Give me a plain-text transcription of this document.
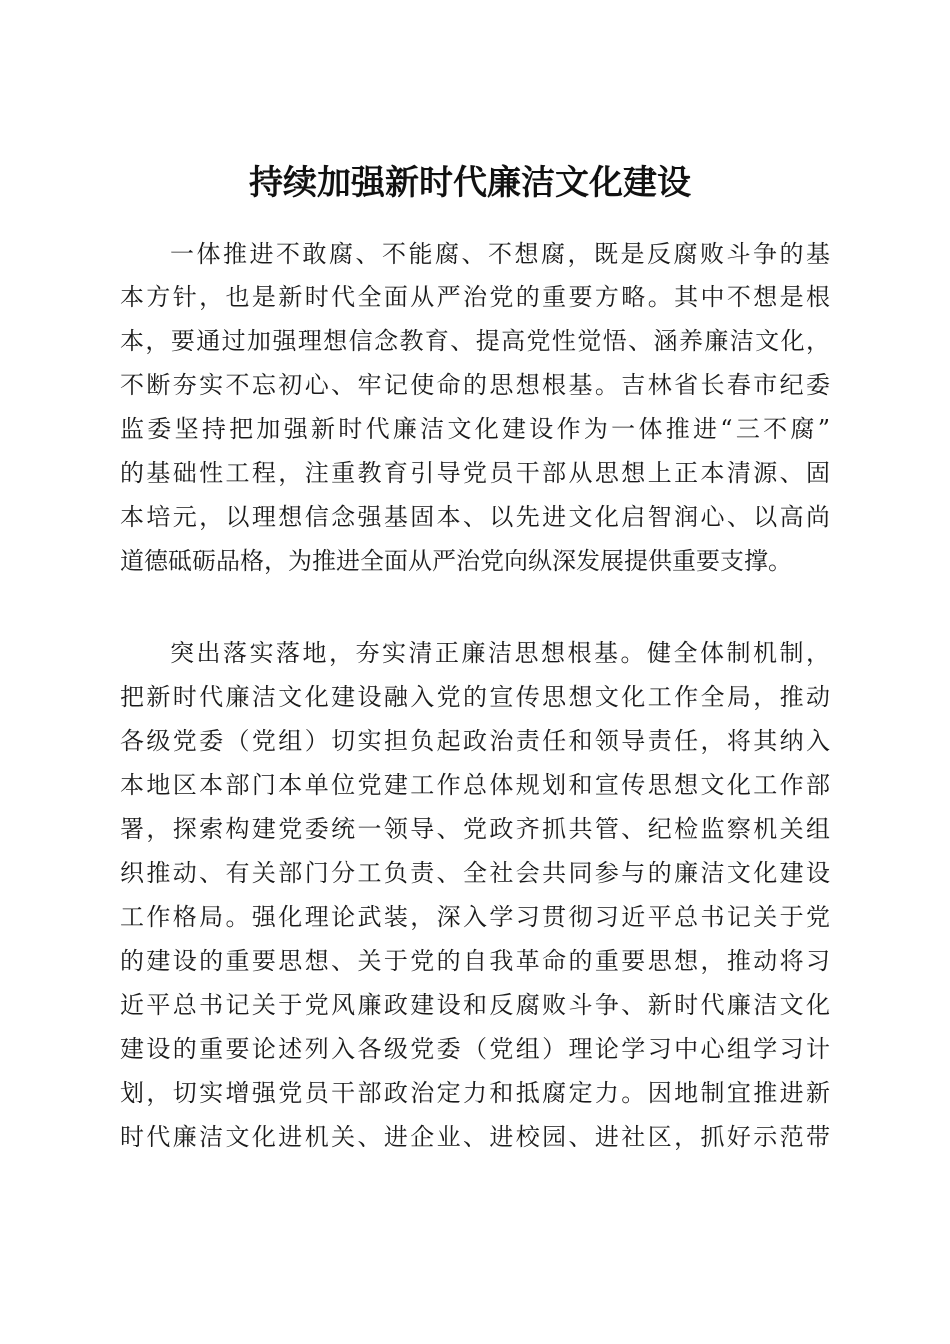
持续加强新时代廉洁文化建设
一体推进不敢腐、不能腐、不想腐，既是反腐败斗争的基
本方针，也是新时代全面从严治党的重要方略。其中不想是根
本，要通过加强理想信念教育、提高党性觉悟、涵养廉洁文化，
不断夯实不忘初心、牢记使命的思想根基。吉林省长春市纪委
监委坚持把加强新时代廉洁文化建设作为一体推进“三不腐”
的基础性工程，注重教育引导党员干部从思想上正本清源、固
本培元，以理想信念强基固本、以先进文化启智润心、以高尚
道德砥砺品格，为推进全面从严治党向纵深发展提供重要支撑。
突出落实落地，夯实清正廉洁思想根基。健全体制机制，
把新时代廉洁文化建设融入党的宣传思想文化工作全局，推动
各级党委（党组）切实担负起政治责任和领导责任，将其纳入
本地区本部门本单位党建工作总体规划和宣传思想文化工作部
署，探索构建党委统一领导、党政齐抓共管、纪检监察机关组
织推动、有关部门分工负责、全社会共同参与的廉洁文化建设
工作格局。强化理论武装，深入学习贯彻习近平总书记关于党
的建设的重要思想、关于党的自我革命的重要思想，推动将习
近平总书记关于党风廉政建设和反腐败斗争、新时代廉洁文化
建设的重要论述列入各级党委（党组）理论学习中心组学习计
划，切实增强党员干部政治定力和抵腐定力。因地制宜推进新
时代廉洁文化进机关、进企业、进校园、进社区，抓好示范带
